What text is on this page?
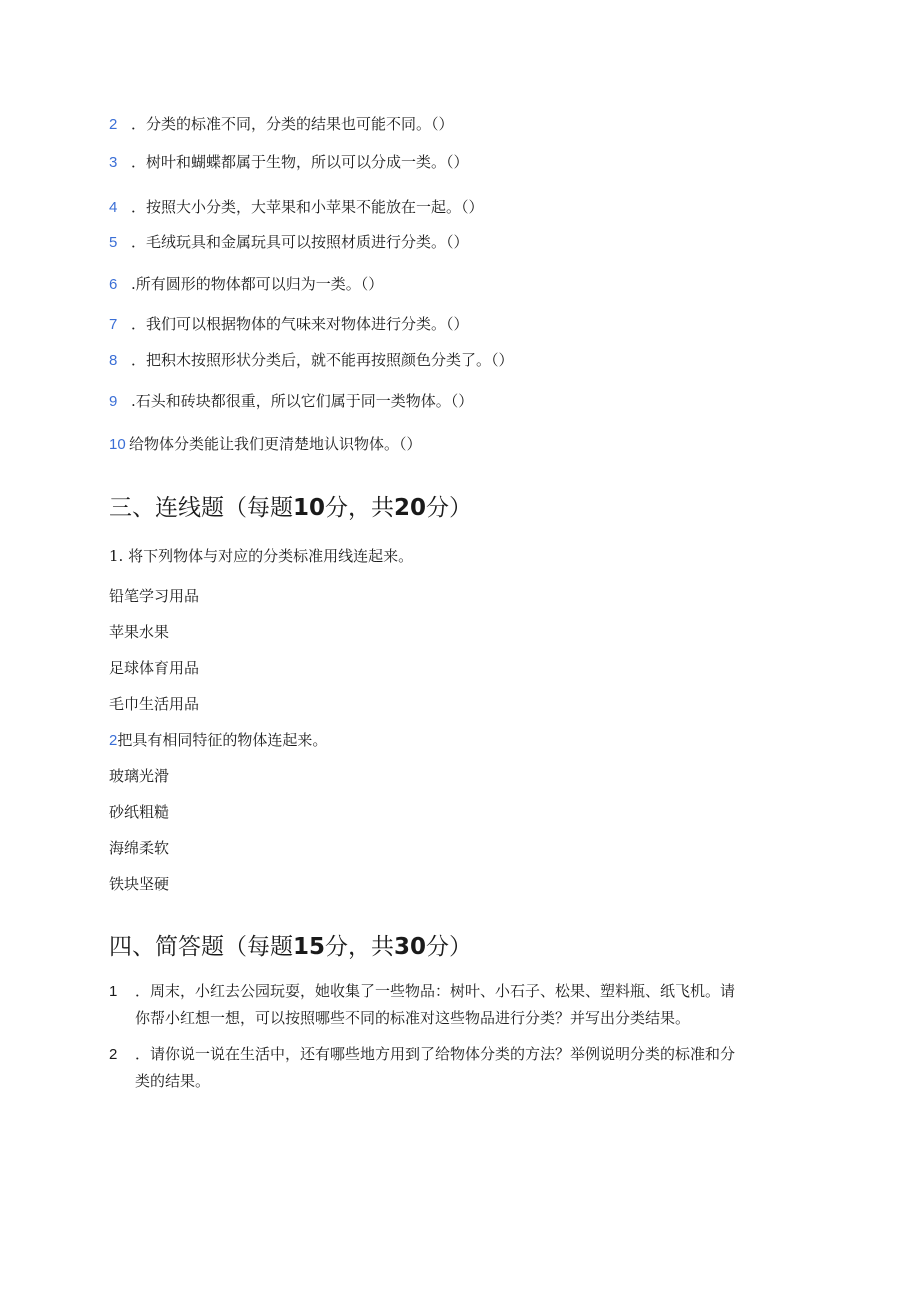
2 ．分类的标准不同，分类的结果也可能不同。（）
3 ．树叶和蝴蝶都属于生物，所以可以分成一类。（）
4 ．按照大小分类，大苹果和小苹果不能放在一起。（）
5 ．毛绒玩具和金属玩具可以按照材质进行分类。（）
6 .所有圆形的物体都可以归为一类。（）
7 ．我们可以根据物体的气味来对物体进行分类。（）
8 ．把积木按照形状分类后，就不能再按照颜色分类了。（）
9 .石头和砖块都很重，所以它们属于同一类物体。（）
10 给物体分类能让我们更清楚地认识物体。（）
三、连线题（每题10分，共20分）
1. 将下列物体与对应的分类标准用线连起来。
铅笔学习用品
苹果水果
足球体育用品
毛巾生活用品
2把具有相同特征的物体连起来。
玻璃光滑
砂纸粗糙
海绵柔软
铁块坚硬
四、简答题（每题15分，共30分）
1 ．周末，小红去公园玩耍，她收集了一些物品：树叶、小石子、松果、塑料瓶、纸飞机。请
你帮小红想一想，可以按照哪些不同的标准对这些物品进行分类？并写出分类结果。
2 ．请你说一说在生活中，还有哪些地方用到了给物体分类的方法？举例说明分类的标准和分
类的结果。
